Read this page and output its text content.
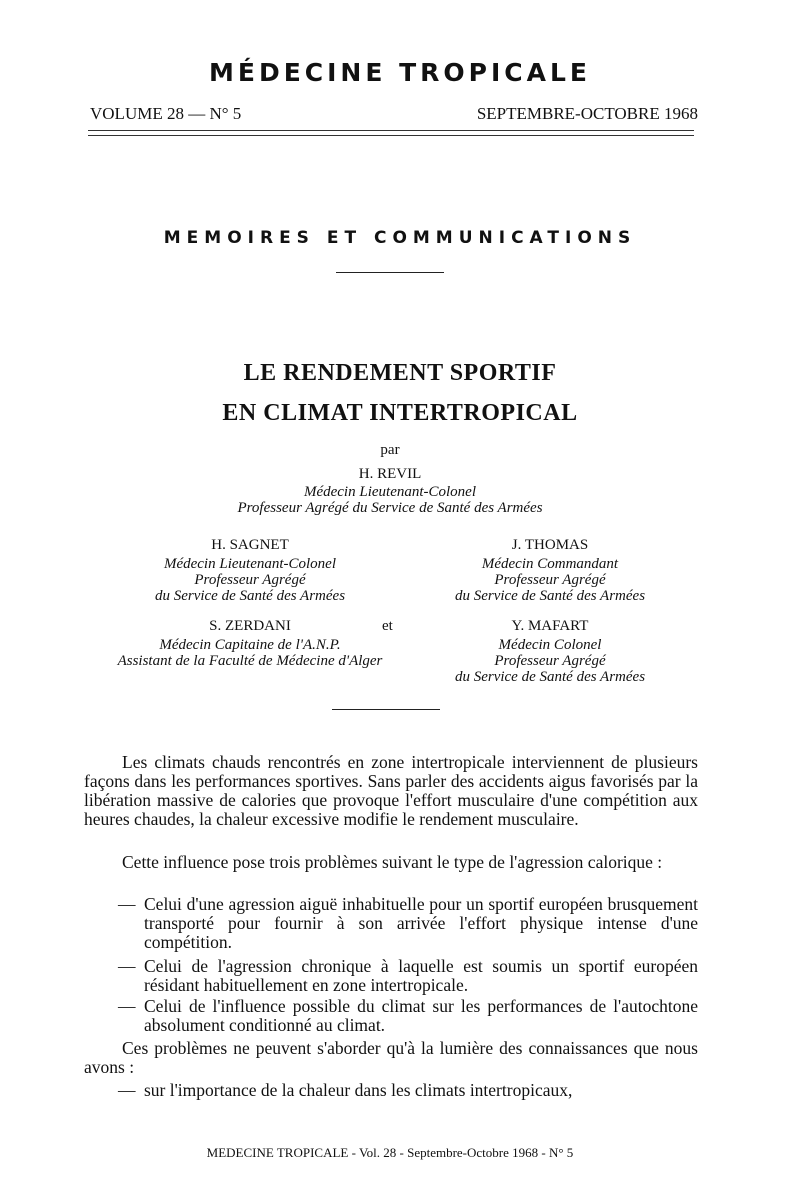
MÉDECINE TROPICALE
VOLUME 28 — N° 5	SEPTEMBRE-OCTOBRE 1968
MEMOIRES ET COMMUNICATIONS
LE RENDEMENT SPORTIF
EN CLIMAT INTERTROPICAL
par
H. REVIL
Médecin Lieutenant-Colonel
Professeur Agrégé du Service de Santé des Armées
H. SAGNET
Médecin Lieutenant-Colonel
Professeur Agrégé
du Service de Santé des Armées
J. THOMAS
Médecin Commandant
Professeur Agrégé
du Service de Santé des Armées
S. ZERDANI
Médecin Capitaine de l'A.N.P.
Assistant de la Faculté de Médecine d'Alger
et	Y. MAFART
Médecin Colonel
Professeur Agrégé
du Service de Santé des Armées
Les climats chauds rencontrés en zone intertropicale interviennent de plusieurs façons dans les performances sportives. Sans parler des accidents aigus favorisés par la libération massive de calories que provoque l'effort musculaire d'une compétition aux heures chaudes, la chaleur excessive modifie le rendement musculaire.
Cette influence pose trois problèmes suivant le type de l'agression calorique :
— Celui d'une agression aiguë inhabituelle pour un sportif européen brusquement transporté pour fournir à son arrivée l'effort physique intense d'une compétition.
— Celui de l'agression chronique à laquelle est soumis un sportif européen résidant habituellement en zone intertropicale.
— Celui de l'influence possible du climat sur les performances de l'autochtone absolument conditionné au climat.
Ces problèmes ne peuvent s'aborder qu'à la lumière des connaissances que nous avons :
— sur l'importance de la chaleur dans les climats intertropicaux,
MEDECINE TROPICALE - Vol. 28 - Septembre-Octobre 1968 - N° 5
